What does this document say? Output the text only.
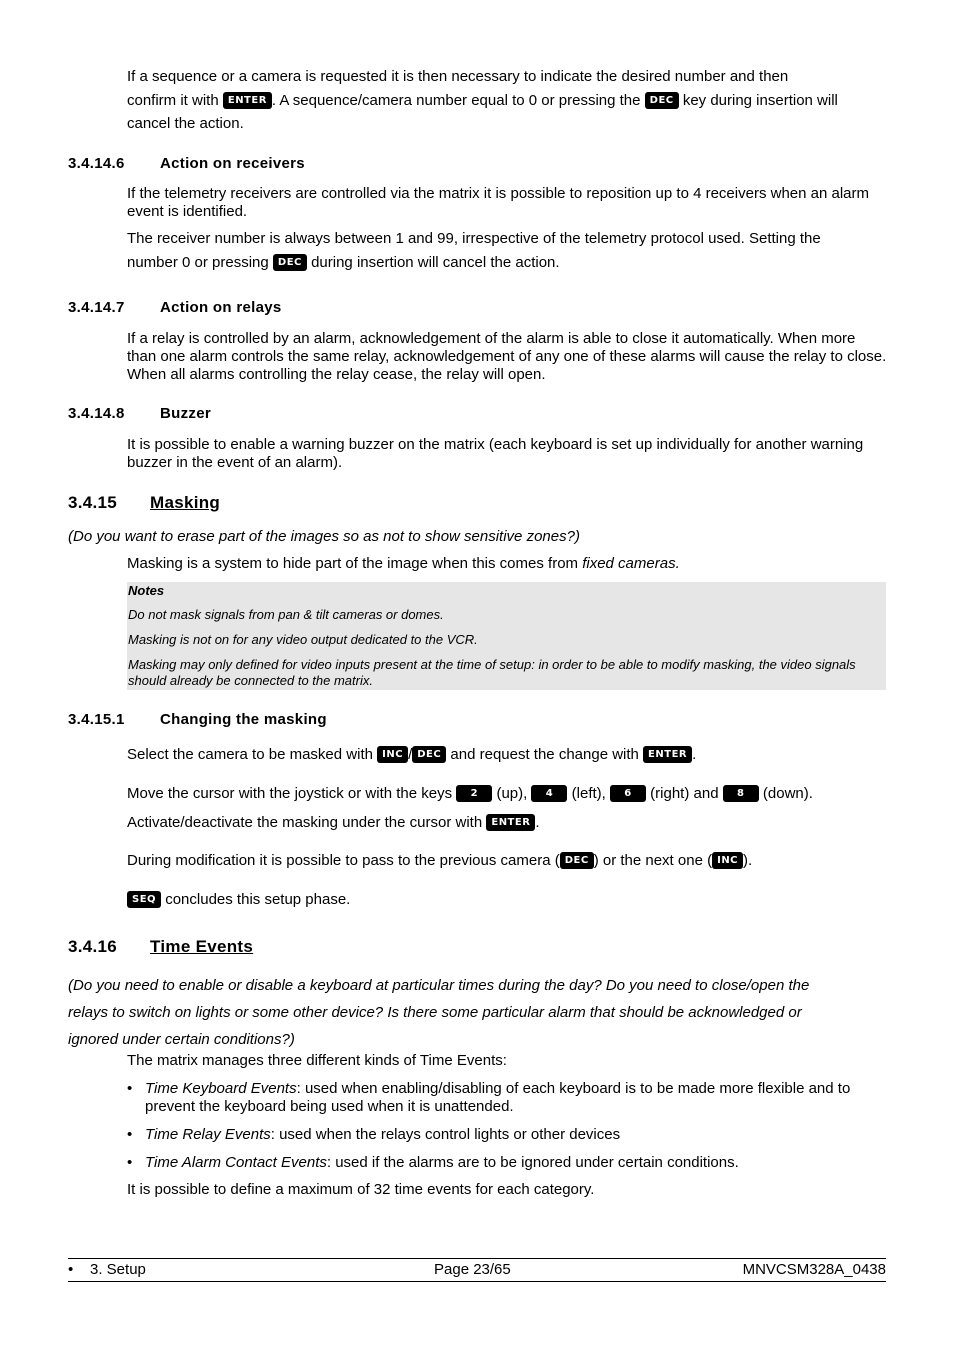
If a sequence or a camera is requested it is then necessary to indicate the desired number and then
confirm it with ENTER . A sequence/camera number equal to 0 or pressing the DEC key during insertion will
cancel the action.
3.4.14.6 Action on receivers
If the telemetry receivers are controlled via the matrix it is possible to reposition up to 4 receivers when an alarm event is identified.
The receiver number is always between 1 and 99, irrespective of the telemetry protocol used. Setting the
number 0 or pressing DEC during insertion will cancel the action.
3.4.14.7 Action on relays
If a relay is controlled by an alarm, acknowledgement of the alarm is able to close it automatically. When more than one alarm controls the same relay, acknowledgement of any one of these alarms will cause the relay to close. When all alarms controlling the relay cease, the relay will open.
3.4.14.8 Buzzer
It is possible to enable a warning buzzer on the matrix (each keyboard is set up individually for another warning buzzer in the event of an alarm).
3.4.15 Masking
(Do you want to erase part of the images so as not to show sensitive zones?)
Masking is a system to hide part of the image when this comes from fixed cameras.
Notes
Do not mask signals from pan & tilt cameras or domes.
Masking is not on for any video output dedicated to the VCR.
Masking may only defined for video inputs present at the time of setup: in order to be able to modify masking, the video signals should already be connected to the matrix.
3.4.15.1 Changing the masking
Select the camera to be masked with INC / DEC and request the change with ENTER .
Move the cursor with the joystick or with the keys 2 (up), 4 (left), 6 (right) and 8 (down).
Activate/deactivate the masking under the cursor with ENTER .
During modification it is possible to pass to the previous camera ( DEC ) or the next one ( INC ).
SEQ concludes this setup phase.
3.4.16 Time Events
(Do you need to enable or disable a keyboard at particular times during the day? Do you need to close/open the
relays to switch on lights or some other device? Is there some particular alarm that should be acknowledged or
ignored under certain conditions?)
The matrix manages three different kinds of Time Events:
• Time Keyboard Events: used when enabling/disabling of each keyboard is to be made more flexible and to prevent the keyboard being used when it is unattended.
• Time Relay Events: used when the relays control lights or other devices
• Time Alarm Contact Events: used if the alarms are to be ignored under certain conditions.
It is possible to define a maximum of 32 time events for each category.
• 3. Setup	Page 23/65	MNVCSM328A_0438
